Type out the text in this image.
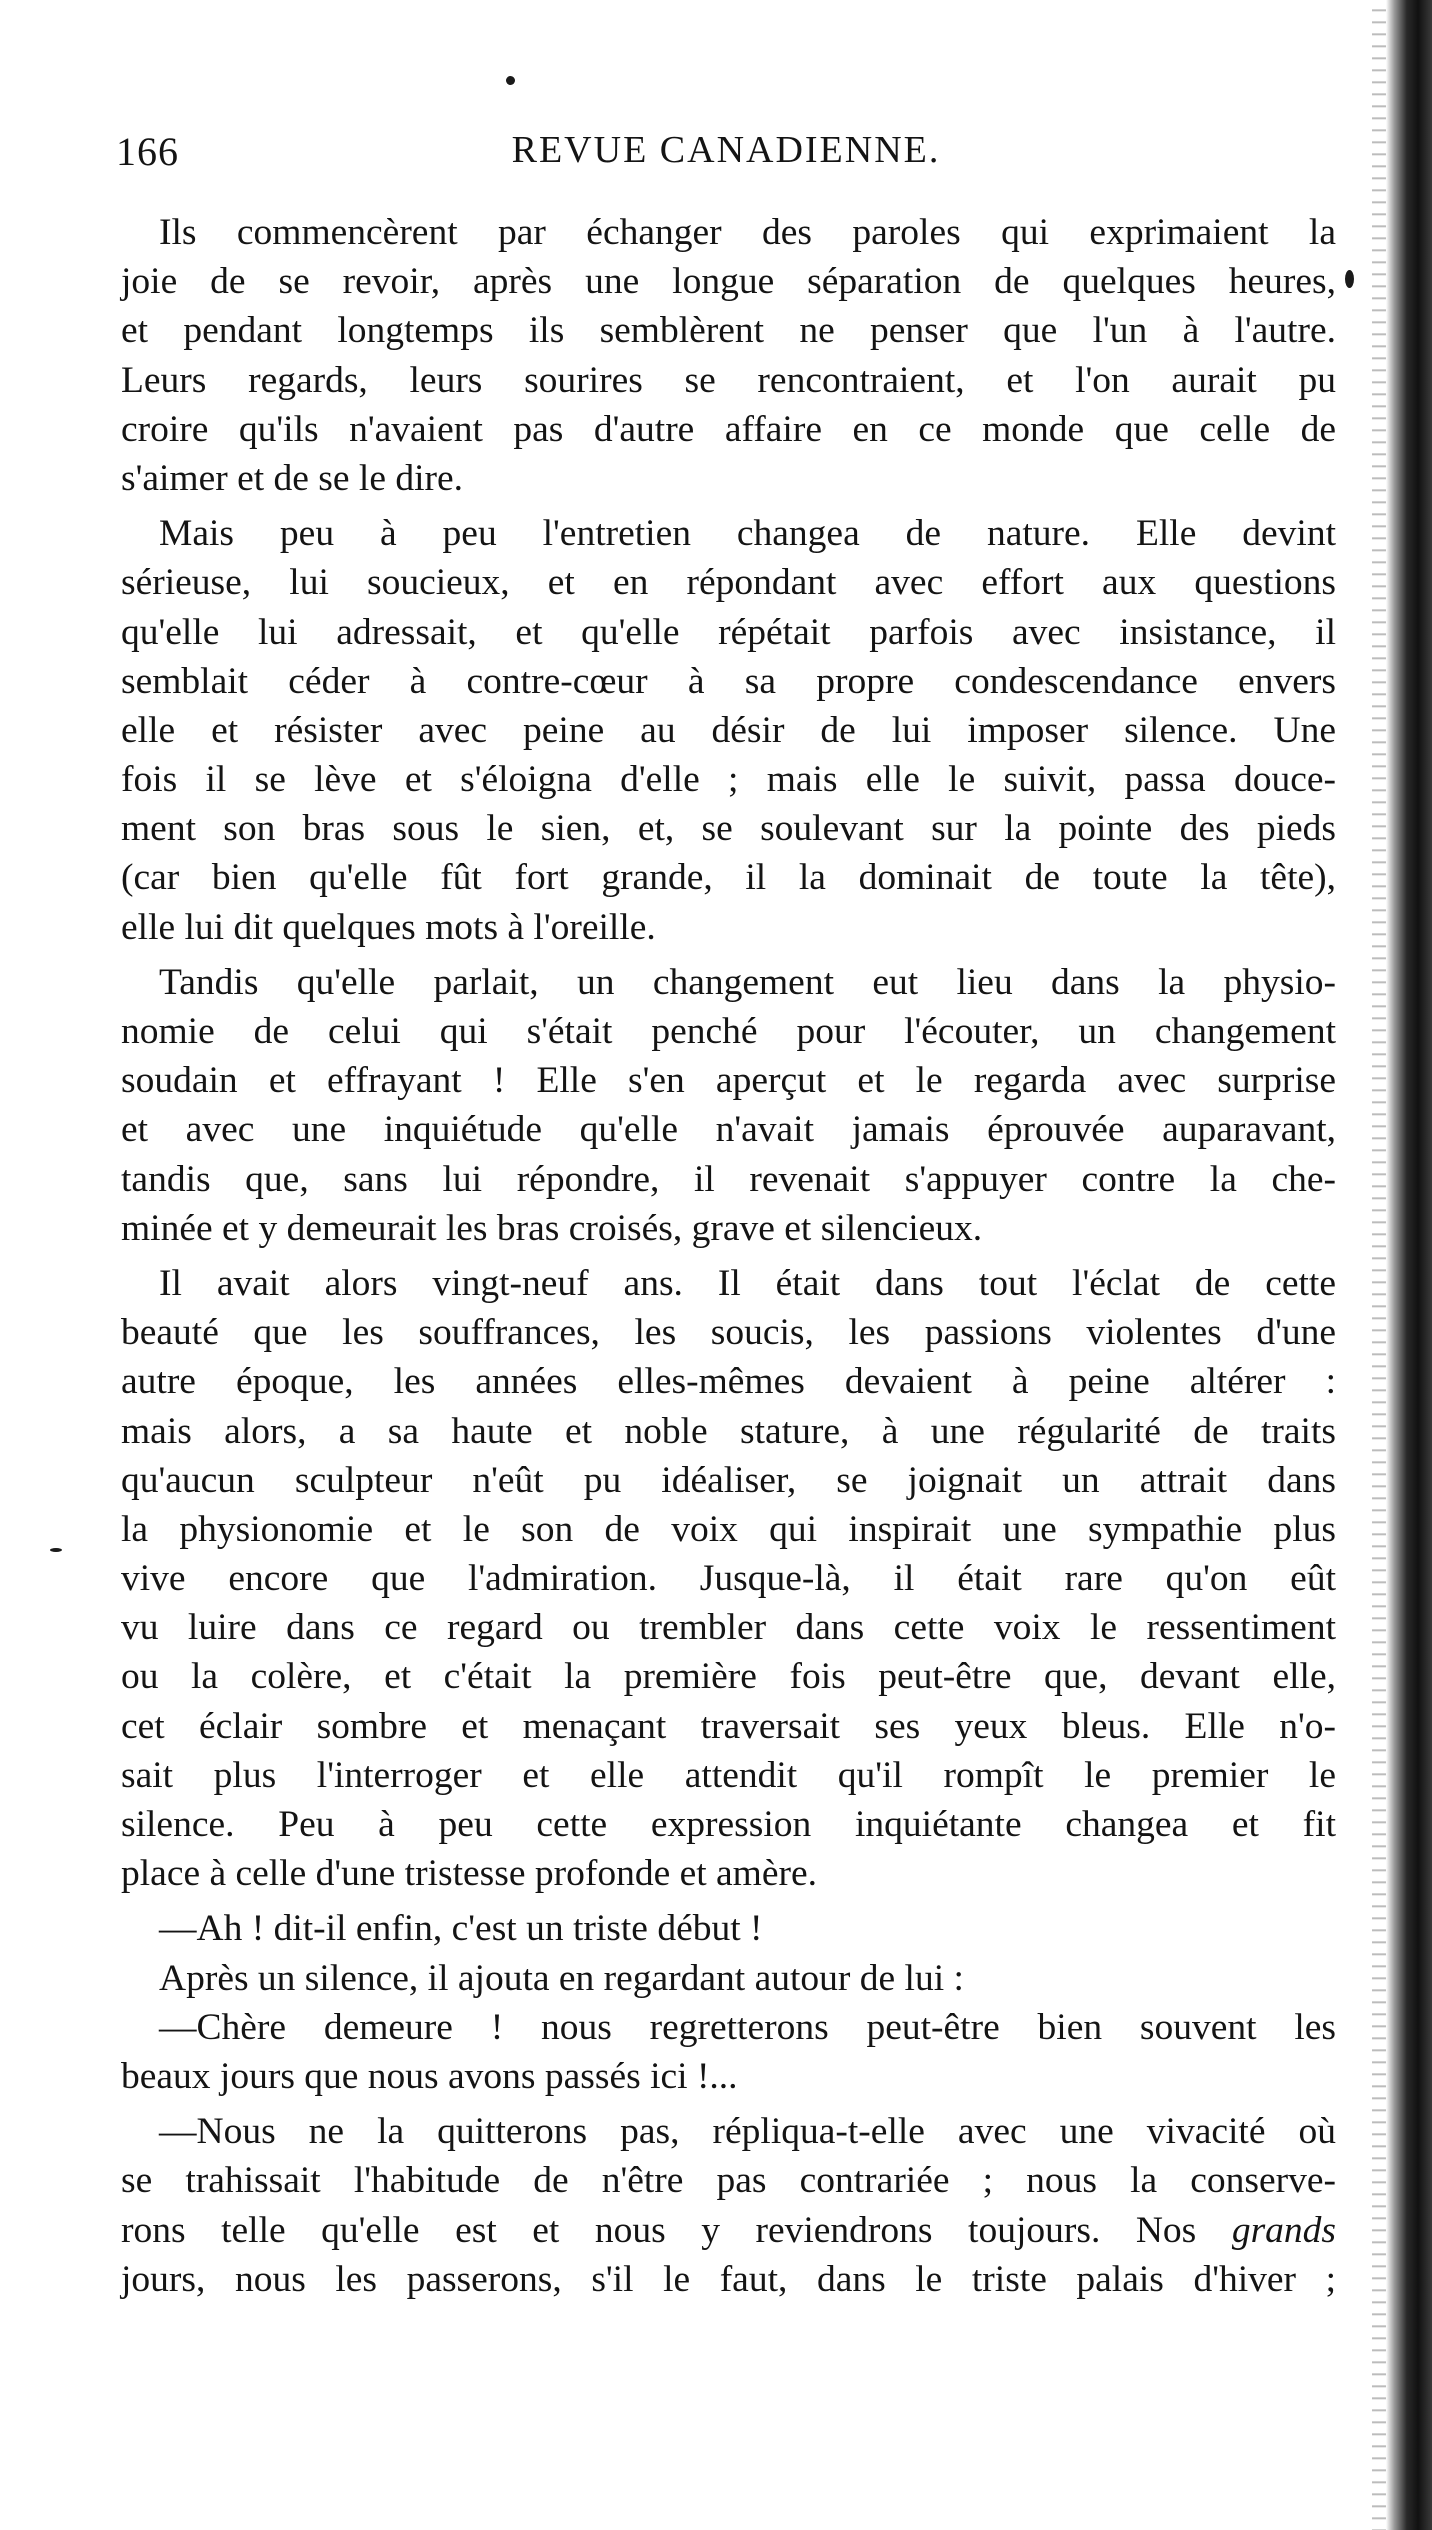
166	REVUE CANADIENNE.
Ils commencèrent par échanger des paroles qui exprimaient la
joie de se revoir, après une longue séparation de quelques heures,
et pendant longtemps ils semblèrent ne penser que l'un à l'autre.
Leurs regards, leurs sourires se rencontraient, et l'on aurait pu
croire qu'ils n'avaient pas d'autre affaire en ce monde que celle de
s'aimer et de se le dire.
Mais peu à peu l'entretien changea de nature. Elle devint
sérieuse, lui soucieux, et en répondant avec effort aux questions
qu'elle lui adressait, et qu'elle répétait parfois avec insistance, il
semblait céder à contre-cœur à sa propre condescendance envers
elle et résister avec peine au désir de lui imposer silence. Une
fois il se lève et s'éloigna d'elle ; mais elle le suivit, passa douce-
ment son bras sous le sien, et, se soulevant sur la pointe des pieds
(car bien qu'elle fût fort grande, il la dominait de toute la tête),
elle lui dit quelques mots à l'oreille.
Tandis qu'elle parlait, un changement eut lieu dans la physio-
nomie de celui qui s'était penché pour l'écouter, un changement
soudain et effrayant ! Elle s'en aperçut et le regarda avec surprise
et avec une inquiétude qu'elle n'avait jamais éprouvée auparavant,
tandis que, sans lui répondre, il revenait s'appuyer contre la che-
minée et y demeurait les bras croisés, grave et silencieux.
Il avait alors vingt-neuf ans. Il était dans tout l'éclat de cette
beauté que les souffrances, les soucis, les passions violentes d'une
autre époque, les années elles-mêmes devaient à peine altérer :
mais alors, a sa haute et noble stature, à une régularité de traits
qu'aucun sculpteur n'eût pu idéaliser, se joignait un attrait dans
la physionomie et le son de voix qui inspirait une sympathie plus
vive encore que l'admiration. Jusque-là, il était rare qu'on eût
vu luire dans ce regard ou trembler dans cette voix le ressentiment
ou la colère, et c'était la première fois peut-être que, devant elle,
cet éclair sombre et menaçant traversait ses yeux bleus. Elle n'o-
sait plus l'interroger et elle attendit qu'il rompît le premier le
silence. Peu à peu cette expression inquiétante changea et fit
place à celle d'une tristesse profonde et amère.
—Ah ! dit-il enfin, c'est un triste début !
Après un silence, il ajouta en regardant autour de lui :
—Chère demeure ! nous regretterons peut-être bien souvent les
beaux jours que nous avons passés ici !...
—Nous ne la quitterons pas, répliqua-t-elle avec une vivacité où
se trahissait l'habitude de n'être pas contrariée ; nous la conserve-
rons telle qu'elle est et nous y reviendrons toujours. Nos grands
jours, nous les passerons, s'il le faut, dans le triste palais d'hiver ;
